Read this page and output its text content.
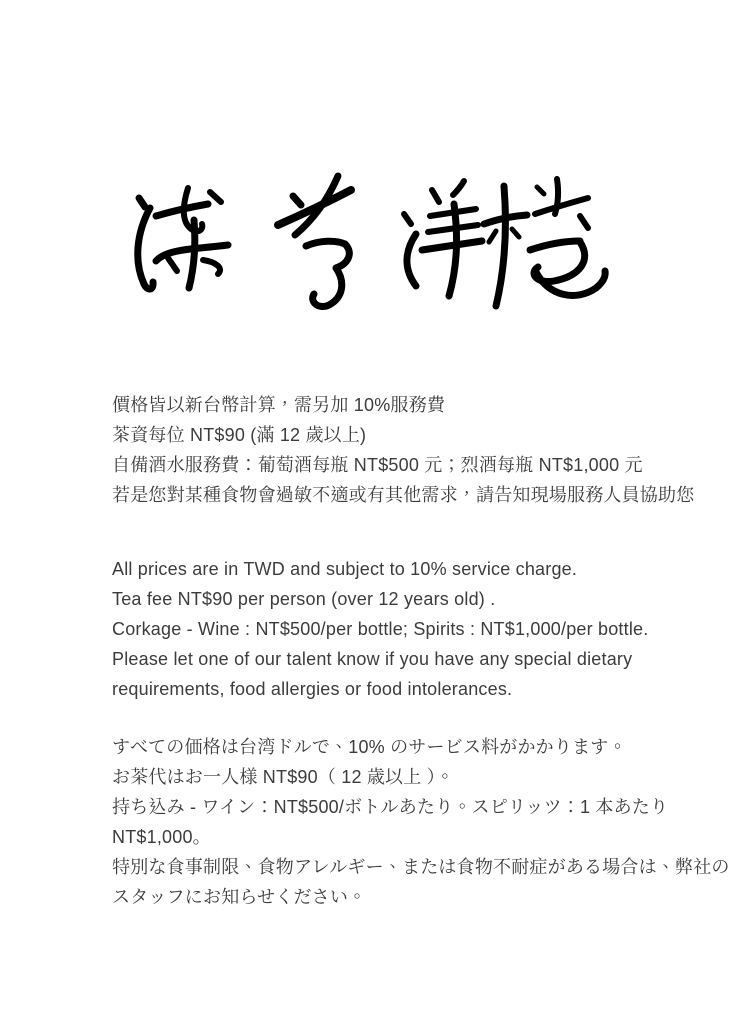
價格皆以新台幣計算，需另加 10%服務費
茶資每位 NT$90 (滿 12 歲以上)
自備酒水服務費：葡萄酒每瓶 NT$500 元；烈酒每瓶 NT$1,000 元
若是您對某種食物會過敏不適或有其他需求，請告知現場服務人員協助您
All prices are in TWD and subject to 10% service charge.
Tea fee NT$90 per person (over 12 years old) .
Corkage - Wine : NT$500/per bottle; Spirits : NT$1,000/per bottle.
Please let one of our talent know if you have any special dietary
requirements, food allergies or food intolerances.
すべての価格は台湾ドルで、10% のサービス料がかかります。
お茶代はお一人様 NT$90（ 12 歳以上 ）。
持ち込み - ワイン：NT$500/ボトルあたり。スピリッツ：1 本あたり
NT$1,000。
特別な食事制限、食物アレルギー、または食物不耐症がある場合は、弊社の
スタッフにお知らせください。
